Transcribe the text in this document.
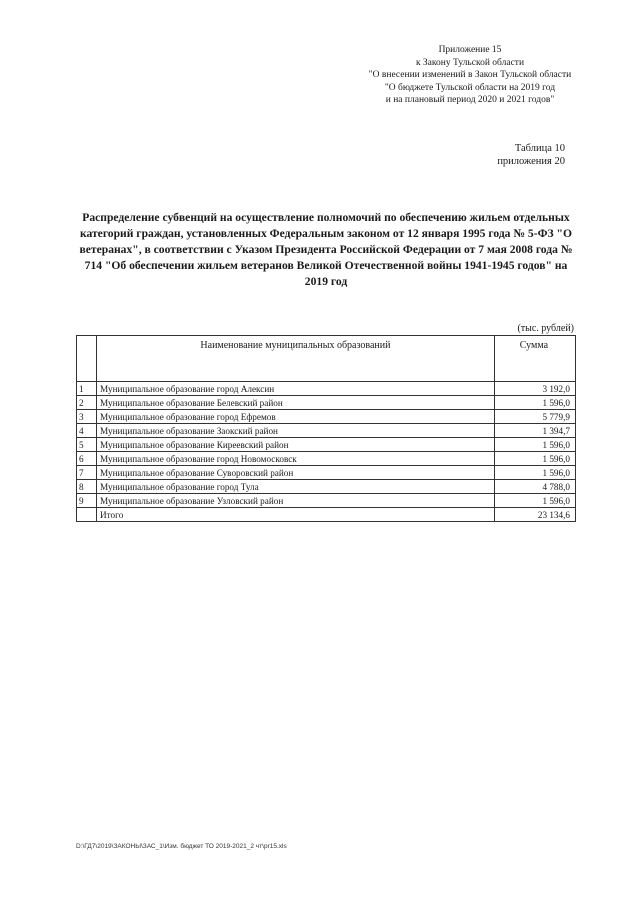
Приложение 15
к Закону Тульской области
"О внесении изменений в Закон Тульской области
"О бюджете Тульской области на 2019 год
и на плановый период 2020 и 2021 годов"
Таблица 10
приложения 20
Распределение субвенций на осуществление полномочий по обеспечению жильем отдельных категорий граждан, установленных Федеральным законом от 12 января 1995 года № 5-ФЗ "О ветеранах", в соответствии с Указом Президента Российской Федерации от 7 мая 2008 года № 714 "Об обеспечении жильем ветеранов Великой Отечественной войны 1941-1945 годов" на 2019 год
(тыс. рублей)
	Наименование муниципальных образований	Сумма
1	Муниципальное образование город Алексин	3 192,0
2	Муниципальное образование Белевский район	1 596,0
3	Муниципальное образование город Ефремов	5 779,9
4	Муниципальное образование Заокский район	1 394,7
5	Муниципальное образование Киреевский район	1 596,0
6	Муниципальное образование город Новомосковск	1 596,0
7	Муниципальное образование Суворовский район	1 596,0
8	Муниципальное образование город Тула	4 788,0
9	Муниципальное образование Узловский район	1 596,0
	Итого	23 134,6
D:\ГД7\2019\ЗАКОНЫ\ЗАС_1\Изм. бюджет ТО 2019-2021_2 чт\pr15.xls
